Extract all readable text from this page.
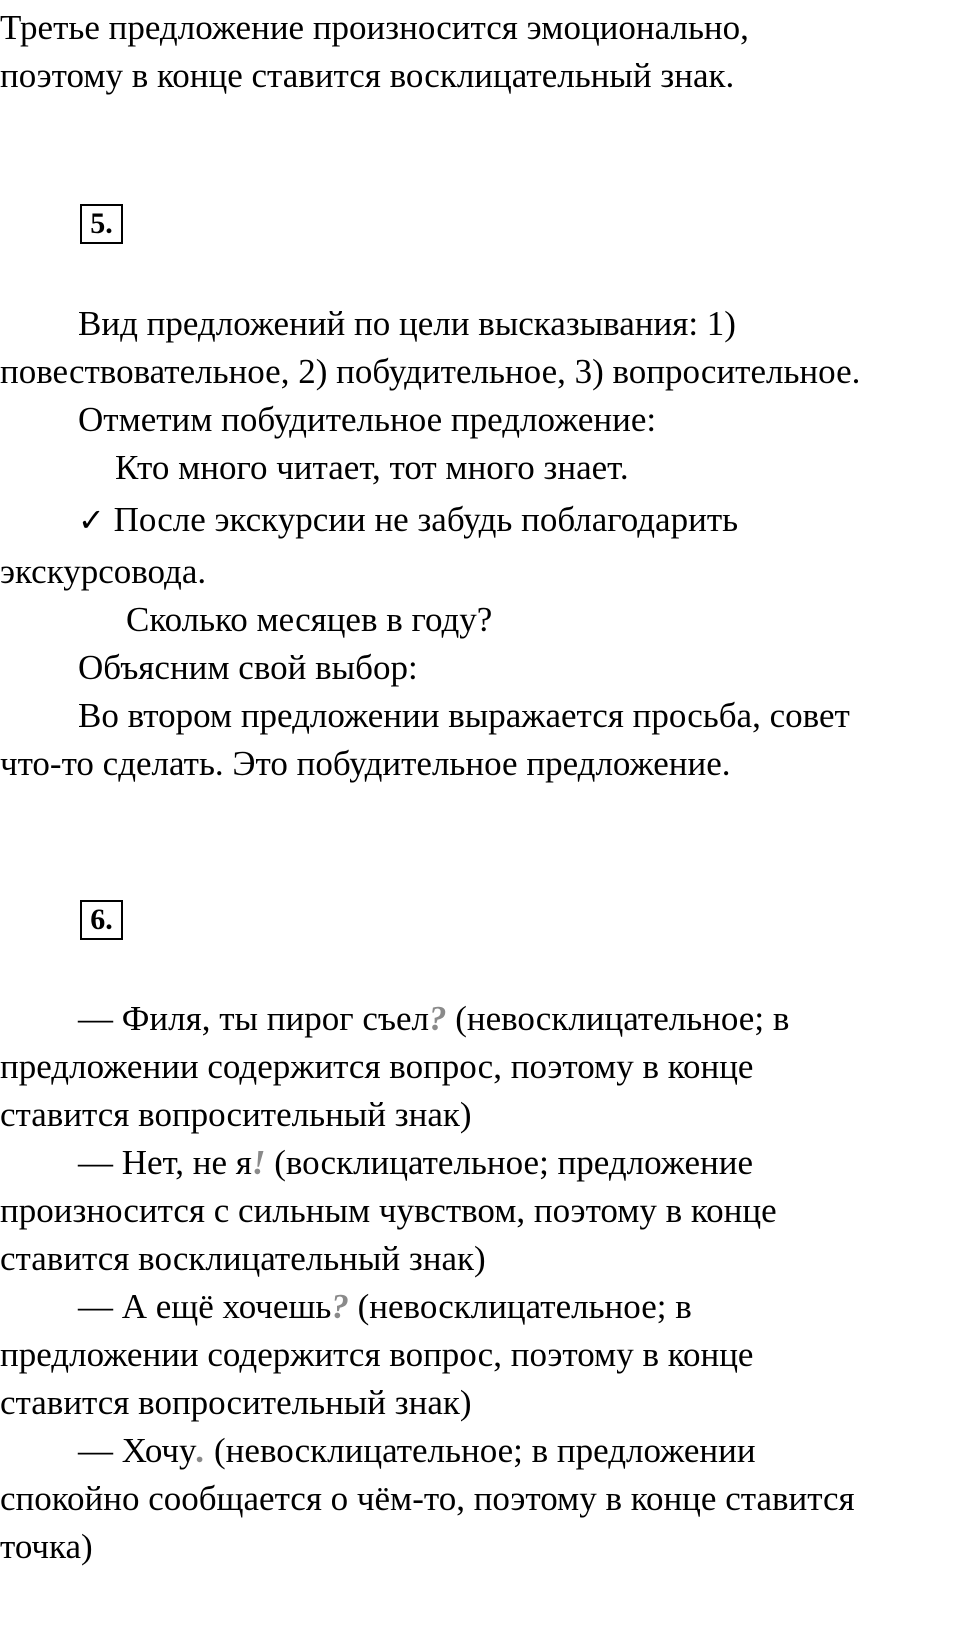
Третье предложение произносится эмоционально,
поэтому в конце ставится восклицательный знак.
5.
Вид предложений по цели высказывания: 1)
повествовательное, 2) побудительное, 3) вопросительное.
Отметим побудительное предложение:
Кто много читает, тот много знает.
✓ После экскурсии не забудь поблагодарить
экскурсовода.
Сколько месяцев в году?
Объясним свой выбор:
Во втором предложении выражается просьба, совет
что-то сделать. Это побудительное предложение.
6.
— Филя, ты пирог съел? (невосклицательное; в
предложении содержится вопрос, поэтому в конце
ставится вопросительный знак)
— Нет, не я! (восклицательное; предложение
произносится с сильным чувством, поэтому в конце
ставится восклицательный знак)
— А ещё хочешь? (невосклицательное; в
предложении содержится вопрос, поэтому в конце
ставится вопросительный знак)
— Хочу. (невосклицательное; в предложении
спокойно сообщается о чём-то, поэтому в конце ставится
точка)
